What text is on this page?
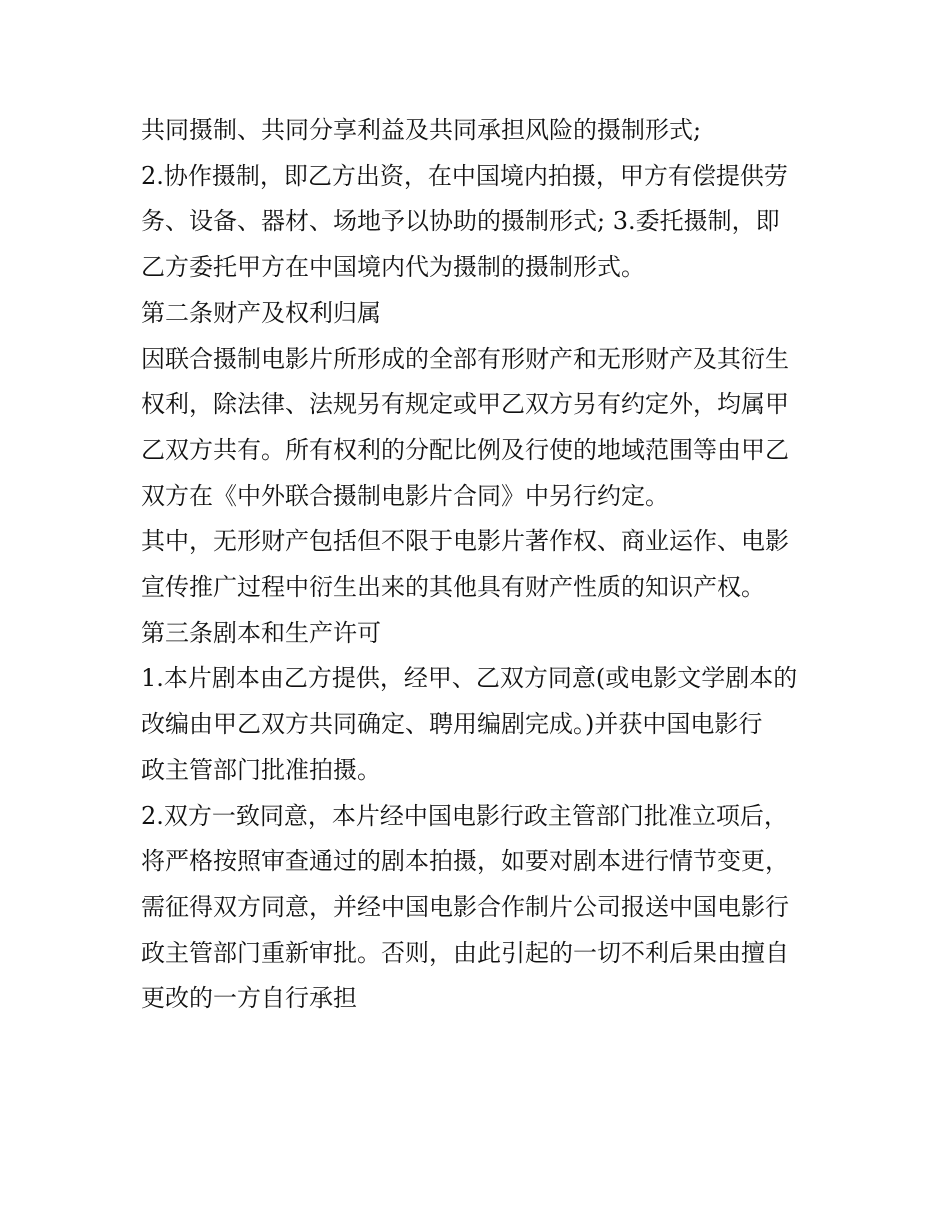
共同摄制、共同分享利益及共同承担风险的摄制形式;

2.协作摄制，即乙方出资，在中国境内拍摄，甲方有偿提供劳

务、设备、器材、场地予以协助的摄制形式; 3.委托摄制，即

乙方委托甲方在中国境内代为摄制的摄制形式。

第二条财产及权利归属

因联合摄制电影片所形成的全部有形财产和无形财产及其衍生

权利，除法律、法规另有规定或甲乙双方另有约定外，均属甲

乙双方共有。所有权利的分配比例及行使的地域范围等由甲乙

双方在《中外联合摄制电影片合同》中另行约定。

其中，无形财产包括但不限于电影片著作权、商业运作、电影

宣传推广过程中衍生出来的其他具有财产性质的知识产权。

第三条剧本和生产许可

1.本片剧本由乙方提供，经甲、乙双方同意(或电影文学剧本的

改编由甲乙双方共同确定、聘用编剧完成。)并获中国电影行

政主管部门批准拍摄。

2.双方一致同意，本片经中国电影行政主管部门批准立项后，

将严格按照审查通过的剧本拍摄，如要对剧本进行情节变更，

需征得双方同意，并经中国电影合作制片公司报送中国电影行

政主管部门重新审批。否则，由此引起的一切不利后果由擅自

更改的一方自行承担
